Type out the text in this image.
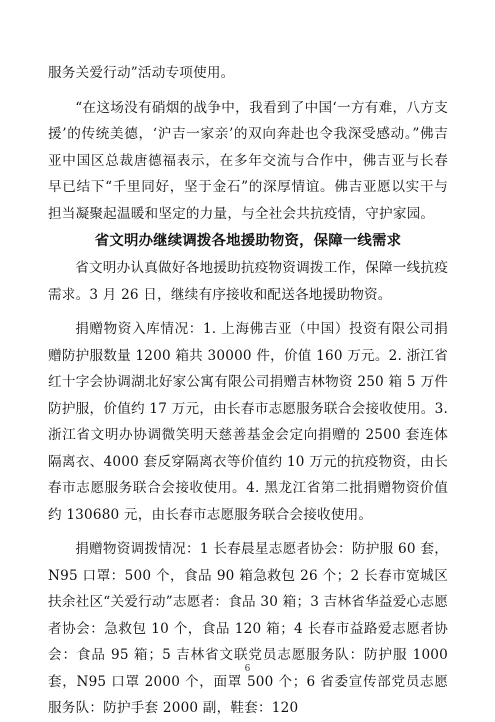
服务关爱行动”活动专项使用。

“在这场没有硝烟的战争中，我看到了中国‘一方有难，八方支援’的传统美德，‘沪吉一家亲’的双向奔赴也令我深受感动。”佛吉亚中国区总裁唐德福表示，在多年交流与合作中，佛吉亚与长春早已结下“千里同好，坚于金石”的深厚情谊。佛吉亚愿以实干与担当凝聚起温暖和坚定的力量，与全社会共抗疫情，守护家园。

省文明办继续调拨各地援助物资，保障一线需求

省文明办认真做好各地援助抗疫物资调拨工作，保障一线抗疫需求。3 月 26 日，继续有序接收和配送各地援助物资。

捐赠物资入库情况：1. 上海佛吉亚（中国）投资有限公司捐赠防护服数量 1200 箱共 30000 件，价值 160 万元。2. 浙江省红十字会协调湖北好家公寓有限公司捐赠吉林物资 250 箱 5 万件防护服，价值约 17 万元，由长春市志愿服务联合会接收使用。3. 浙江省文明办协调微笑明天慈善基金会定向捐赠的 2500 套连体隔离衣、4000 套反穿隔离衣等价值约 10 万元的抗疫物资，由长春市志愿服务联合会接收使用。4. 黑龙江省第二批捐赠物资价值约 130680 元，由长春市志愿服务联合会接收使用。

捐赠物资调拨情况：1 长春晨星志愿者协会：防护服 60 套，N95 口罩：500 个，食品 90 箱急救包 26 个；2 长春市宽城区扶余社区“关爱行动”志愿者：食品 30 箱；3 吉林省华益爱心志愿者协会：急救包 10 个，食品 120 箱；4 长春市益路爱志愿者协会：食品 95 箱；5 吉林省文联党员志愿服务队：防护服 1000 套，N95 口罩 2000 个，面罩 500 个；6 省委宣传部党员志愿服务队：防护手套 2000 副，鞋套：120

6
